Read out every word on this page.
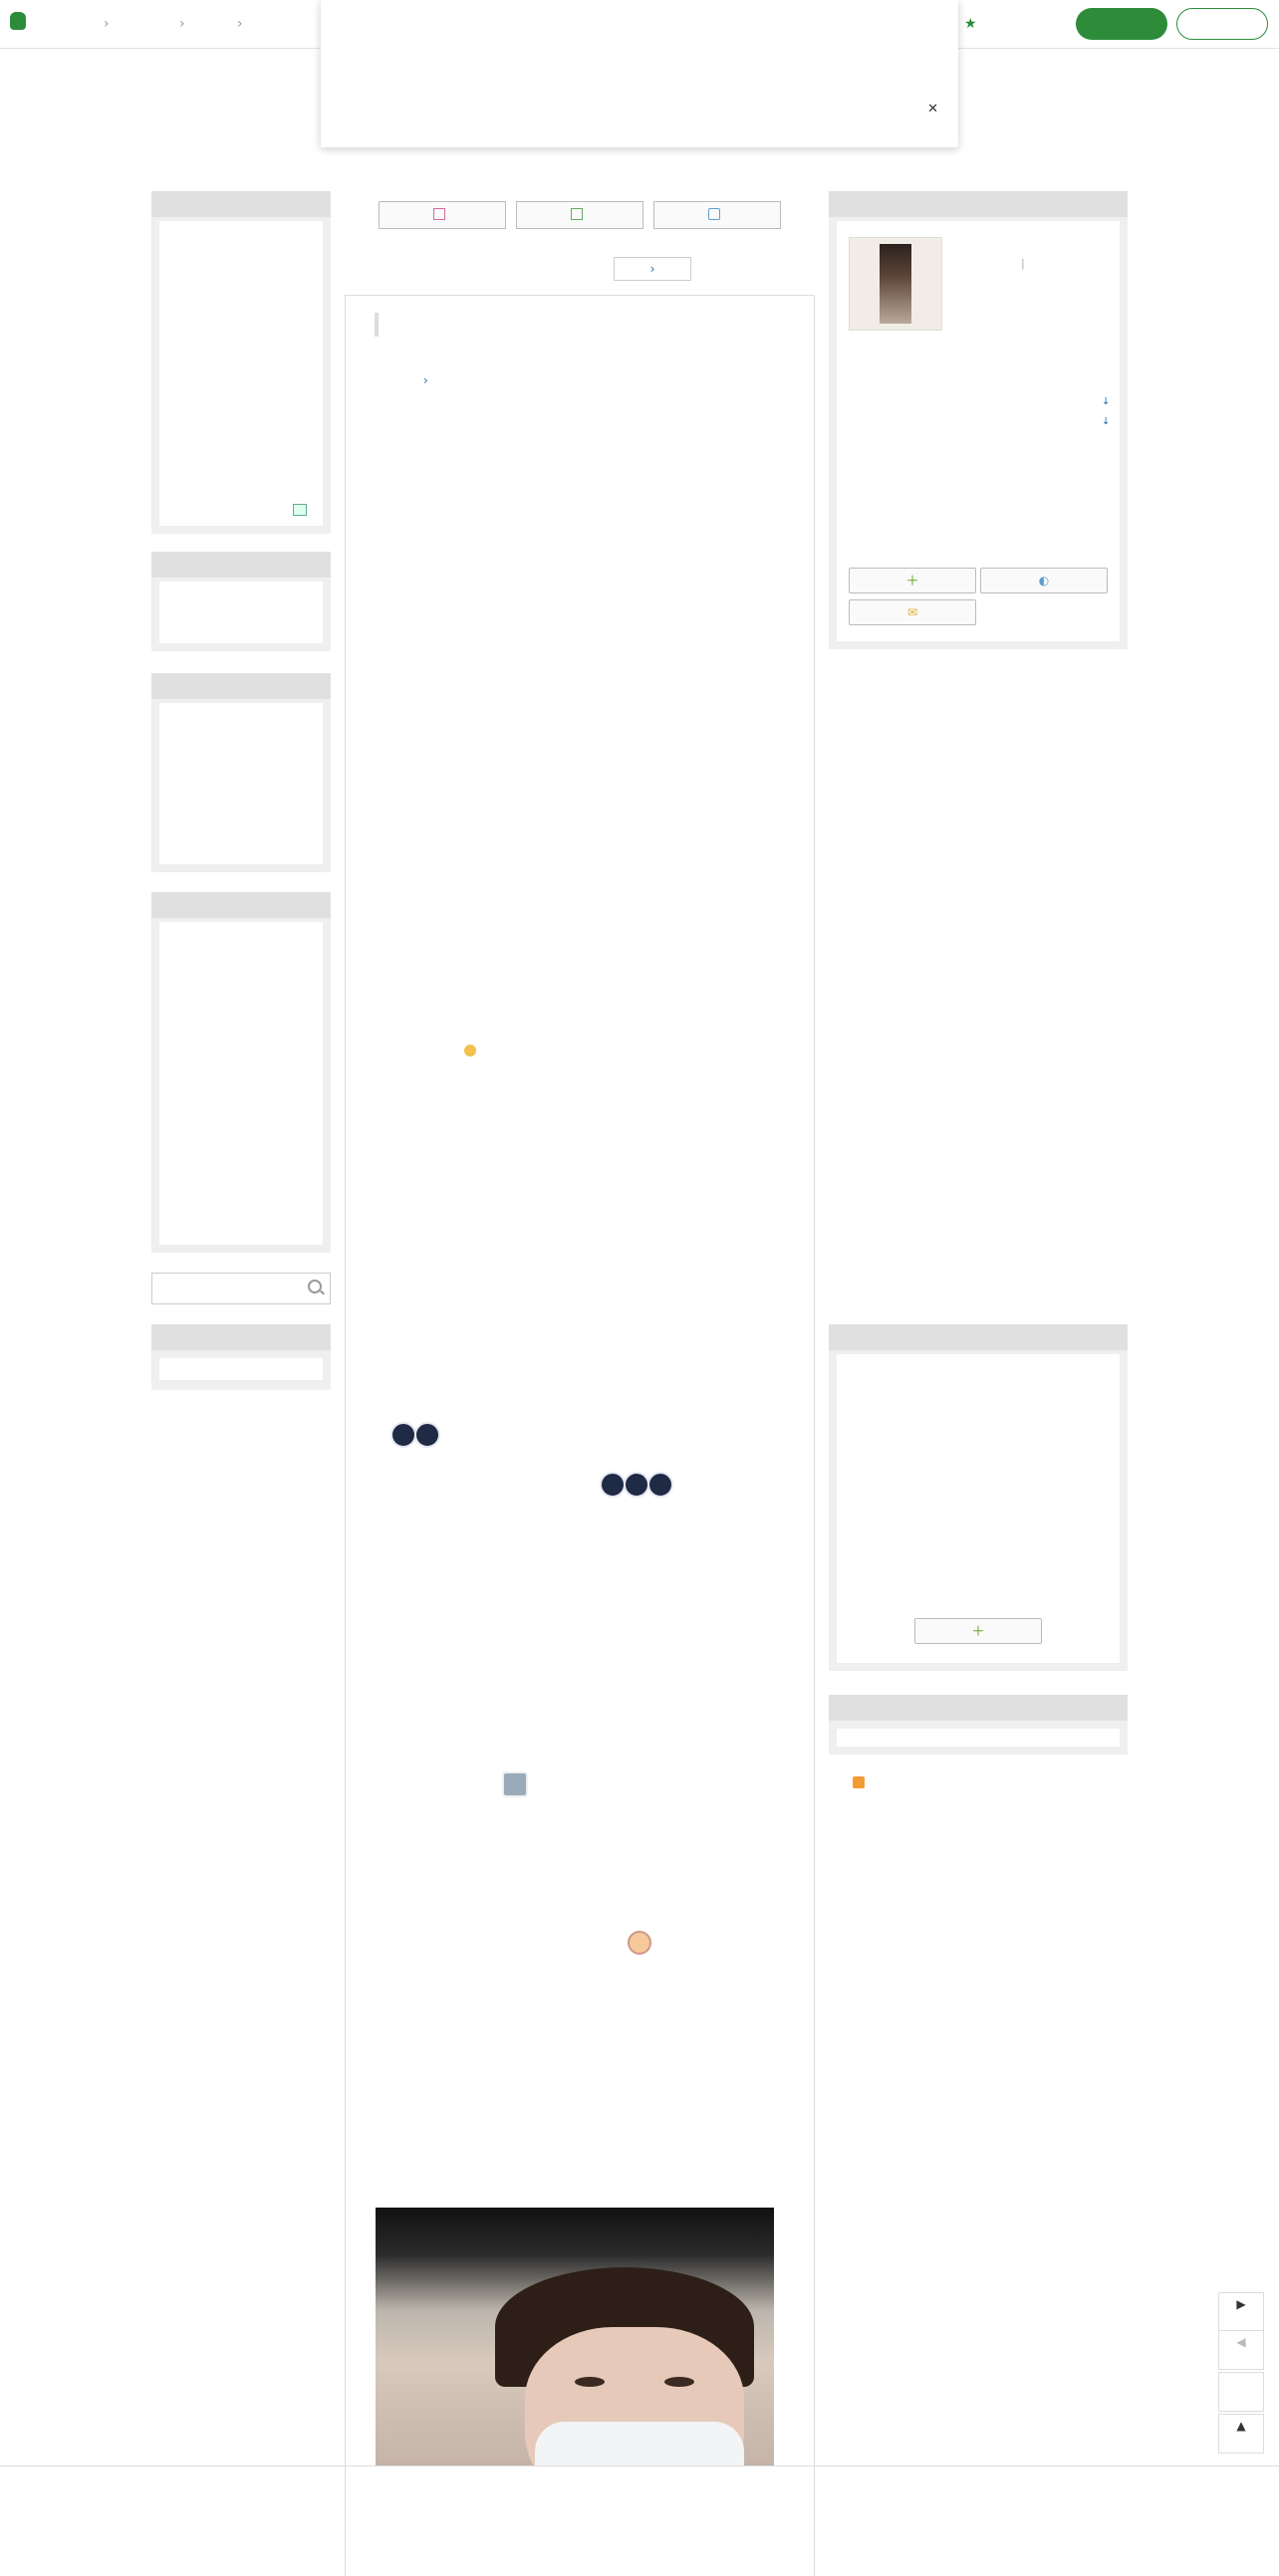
›
›
›
★
✕
›
›
|
↓
↓
＋	◐
✉
＋
▶
◀
▲
